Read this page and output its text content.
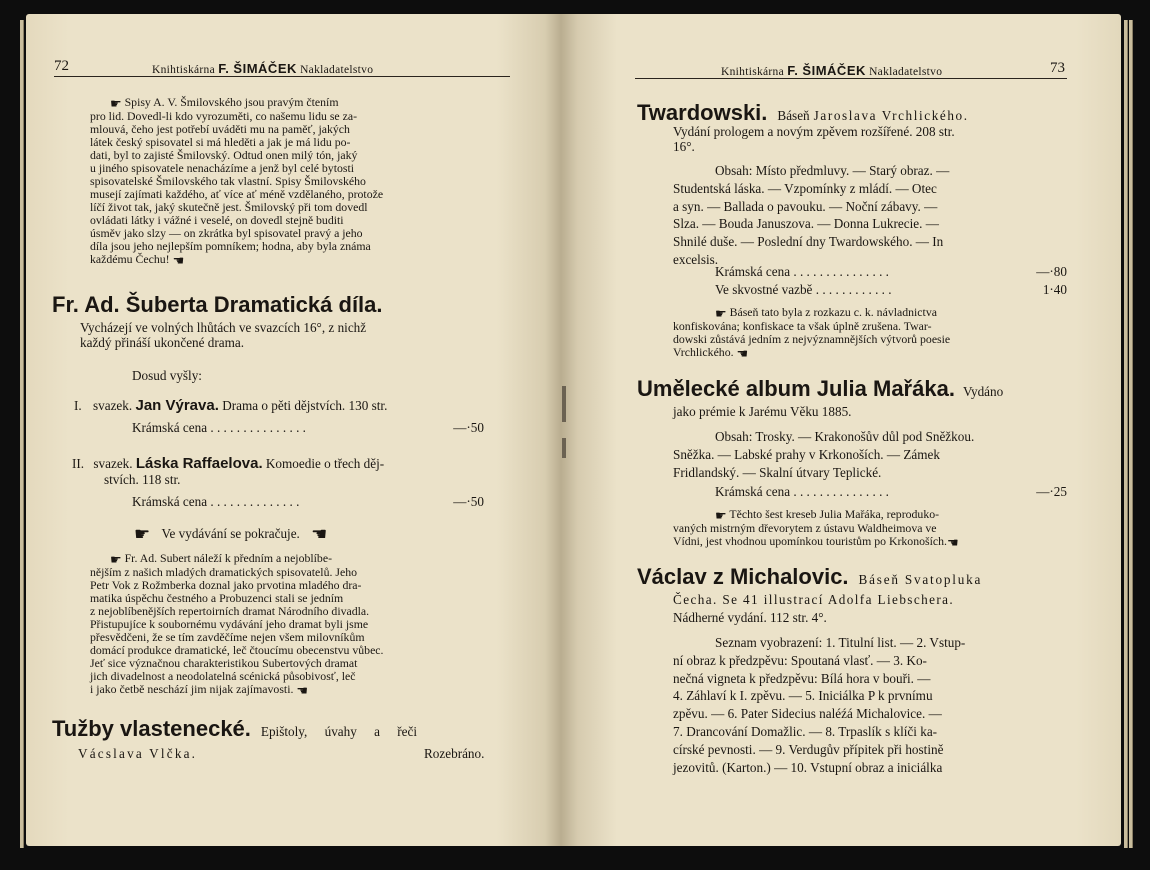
72	Knihtiskárna F. ŠIMÁČEK Nakladatelstvo
☛ Spisy A. V. Šmilovského jsou pravým čtením
pro lid. Dovedl-li kdo vyrozuměti, co našemu lidu se za-
mlouvá, čeho jest potřebí uváděti mu na paměť, jakých
látek český spisovatel si má hleděti a jak je má lidu po-
dati, byl to zajisté Šmilovský. Odtud onen milý tón, jaký
u jiného spisovatele nenacházíme a jenž byl celé bytosti
spisovatelské Šmilovského tak vlastní. Spisy Šmilovského
musejí zajímati každého, ať více ať méně vzdělaného, protože
líčí život tak, jaký skutečně jest. Šmilovský při tom dovedl
ovládati látky i vážné i veselé, on dovedl stejně buditi
úsměv jako slzy — on zkrátka byl spisovatel pravý a jeho
díla jsou jeho nejlepším pomníkem; hodna, aby byla známa
každému Čechu! ☚
Fr. Ad. Šuberta Dramatická díla.
Vycházejí ve volných lhůtách ve svazcích 16°, z nichž
každý přináší ukončené drama.
Dosud vyšly:
I. svazek. Jan Výrava. Drama o pěti dějstvích. 130 str.
Krámská cena . . . . . . . . . . . . . . .	—·50
II. svazek. Láska Raffaelova. Komoedie o třech děj-
stvích. 118 str.
Krámská cena . . . . . . . . . . . . . .	—·50
☛ Ve vydávání se pokračuje. ☚
☛ Fr. Ad. Subert náleží k předním a nejoblíbe-
nějším z našich mladých dramatických spisovatelů. Jeho
Petr Vok z Rožmberka doznal jako prvotina mladého dra-
matika úspěchu čestného a Probuzenci stali se jedním
z nejoblíbenějších repertoirních dramat Národního divadla.
Přistupujíce k soubornému vydávání jeho dramat byli jsme
přesvědčeni, že se tím zavděčíme nejen všem milovníkům
domácí produkce dramatické, leč čtoucímu obecenstvu vůbec.
Jeť sice význačnou charakteristikou Subertových dramat
jich divadelnost a neodolatelná scénická působivosť, leč
i jako četbě neschází jim nijak zajímavosti. ☚
Tužby vlastenecké. Epištoly, úvahy a řeči
Vácslava Vlčka.	Rozebráno.
Knihtiskárna F. ŠIMÁČEK Nakladatelstvo	73
Twardowski. Báseň Jaroslava Vrchlického.
Vydání prologem a novým zpěvem rozšířené. 208 str.
16°.
Obsah: Místo předmluvy. — Starý obraz. —
Studentská láska. — Vzpomínky z mládí. — Otec
a syn. — Ballada o pavouku. — Noční zábavy. —
Slza. — Bouda Januszova. — Donna Lukrecie. —
Shnilé duše. — Poslední dny Twardowského. — In
excelsis.
Krámská cena . . . . . . . . . . . . . . .	—·80
Ve skvostné vazbě . . . . . . . . . . . .	1·40
☛ Báseň tato byla z rozkazu c. k. návladnictva
konfiskována; konfiskace ta však úplně zrušena. Twar-
dowski zůstává jedním z nejvýznamnějších výtvorů poesie
Vrchlického. ☚
Umělecké album Julia Mařáka. Vydáno
jako prémie k Jarému Věku 1885.
Obsah: Trosky. — Krakonošův důl pod Sněžkou.
Sněžka. — Labské prahy v Krkonoších. — Zámek
Fridlandský. — Skalní útvary Teplické.
Krámská cena . . . . . . . . . . . . . . .	—·25
☛ Těchto šest kreseb Julia Mařáka, reproduko-
vaných mistrným dřevorytem z ústavu Waldheimova ve
Vídni, jest vhodnou upomínkou touristům po Krkonoších.☚
Václav z Michalovic. Báseň Svatopluka
Čecha. Se 41 illustrací Adolfa Liebschera.
Nádherné vydání. 112 str. 4°.
Seznam vyobrazení: 1. Titulní list. — 2. Vstup-
ní obraz k předzpěvu: Spoutaná vlasť. — 3. Ko-
nečná vigneta k předzpěvu: Bílá hora v bouři. —
4. Záhlaví k I. zpěvu. — 5. Iniciálka P k prvnímu
zpěvu. — 6. Pater Sidecius naléźá Michalovice. —
7. Drancování Domažlic. — 8. Trpaslík s klíči ka-
círské pevnosti. — 9. Verdugův přípitek při hostině
jezovitů. (Karton.) — 10. Vstupní obraz a iniciálka
